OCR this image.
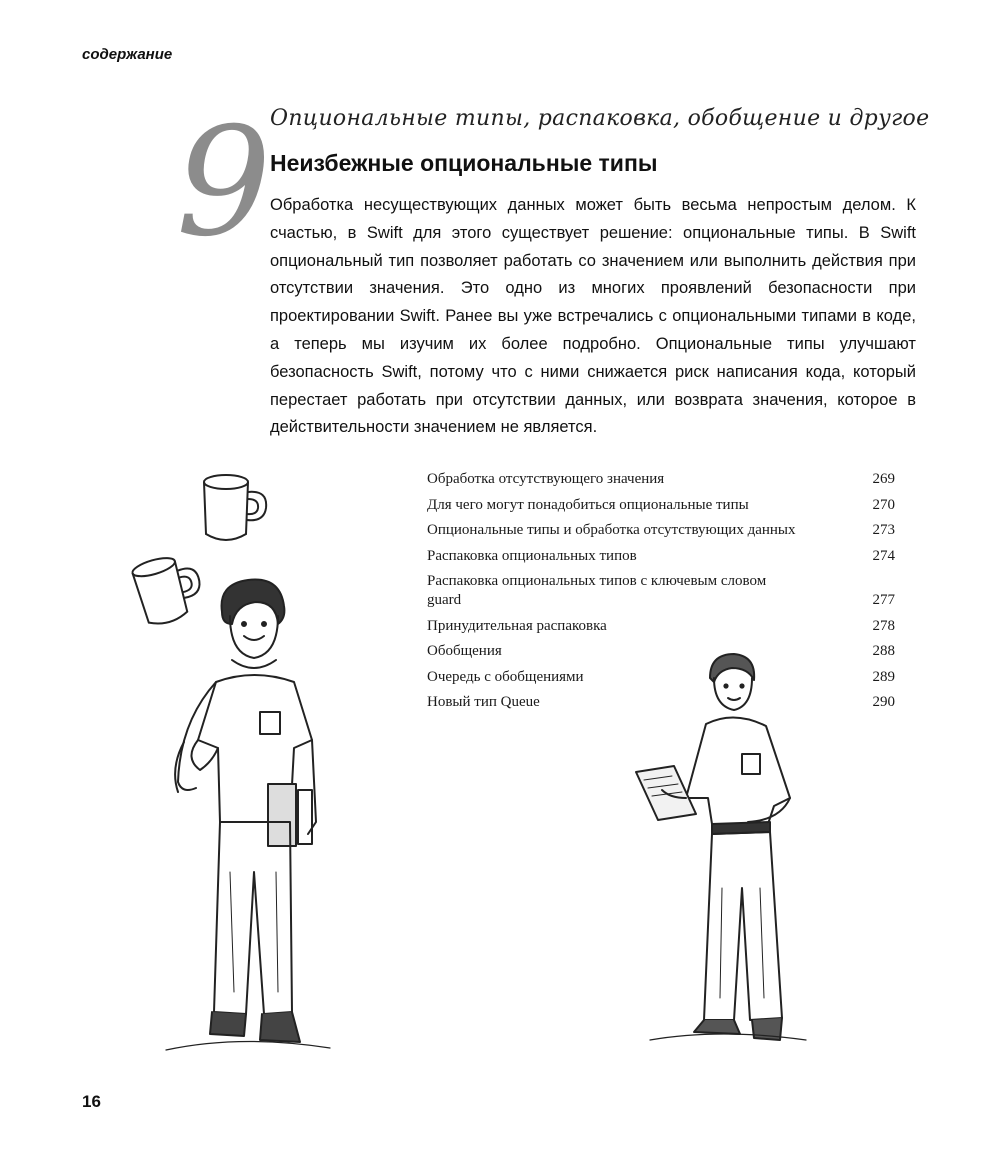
содержание
9
Опциональные типы, распаковка, обобщение и другое
Неизбежные опциональные типы

Обработка несуществующих данных может быть весьма непростым делом. К счастью, в Swift для этого существует решение: опциональные типы. В Swift опциональный тип позволяет работать со значением или выполнить действия при отсутствии значения. Это одно из многих проявлений безопасности при проектировании Swift. Ранее вы уже встречались с опциональными типами в коде, а теперь мы изучим их более подробно. Опциональные типы улучшают безопасность Swift, потому что с ними снижается риск написания кода, который перестает работать при отсутствии данных, или возврата значения, которое в действительности значением не является.

Обработка отсутствующего значения	269
Для чего могут понадобиться опциональные типы	270
Опциональные типы и обработка отсутствующих данных	273
Распаковка опциональных типов	274
Распаковка опциональных типов с ключевым словом guard	277
Принудительная распаковка	278
Обобщения	288
Очередь с обобщениями	289
Новый тип Queue	290
16
